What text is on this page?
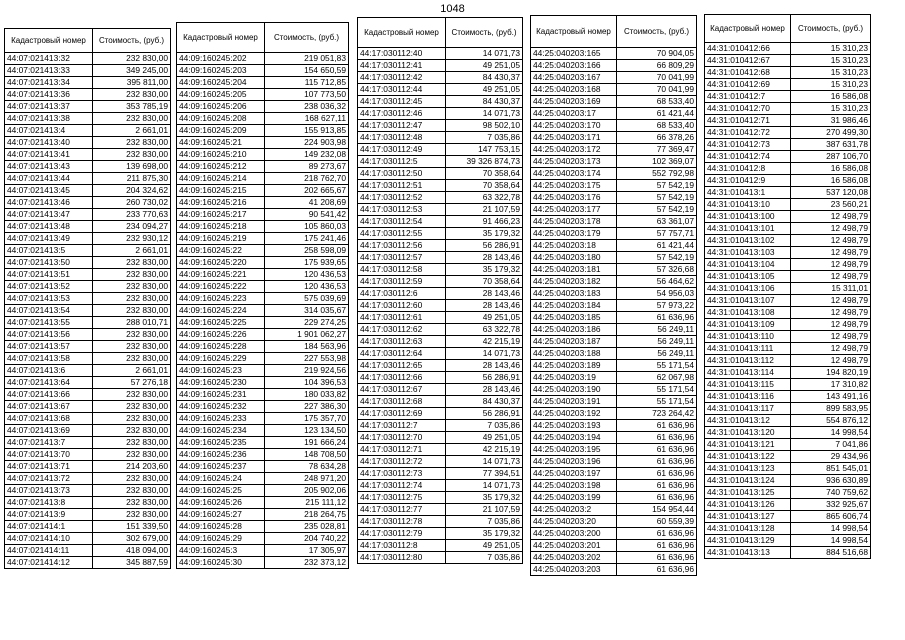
1048
Кадастровый номер	Стоимость, (руб.)
44:07:021413:32	232 830,00
44:07:021413:33	349 245,00
44:07:021413:34	395 811,00
44:07:021413:36	232 830,00
44:07:021413:37	353 785,19
44:07:021413:38	232 830,00
44:07:021413:4	2 661,01
44:07:021413:40	232 830,00
44:07:021413:41	232 830,00
44:07:021413:43	139 698,00
44:07:021413:44	211 875,30
44:07:021413:45	204 324,62
44:07:021413:46	260 730,02
44:07:021413:47	233 770,63
44:07:021413:48	234 094,27
44:07:021413:49	232 930,12
44:07:021413:5	2 661,01
44:07:021413:50	232 830,00
44:07:021413:51	232 830,00
44:07:021413:52	232 830,00
44:07:021413:53	232 830,00
44:07:021413:54	232 830,00
44:07:021413:55	288 010,71
44:07:021413:56	232 830,00
44:07:021413:57	232 830,00
44:07:021413:58	232 830,00
44:07:021413:6	2 661,01
44:07:021413:64	57 276,18
44:07:021413:66	232 830,00
44:07:021413:67	232 830,00
44:07:021413:68	232 830,00
44:07:021413:69	232 830,00
44:07:021413:7	232 830,00
44:07:021413:70	232 830,00
44:07:021413:71	214 203,60
44:07:021413:72	232 830,00
44:07:021413:73	232 830,00
44:07:021413:8	232 830,00
44:07:021413:9	232 830,00
44:07:021414:1	151 339,50
44:07:021414:10	302 679,00
44:07:021414:11	418 094,00
44:07:021414:12	345 887,59
Кадастровый номер	Стоимость, (руб.)
44:09:160245:202	219 051,83
44:09:160245:203	154 650,59
44:09:160245:204	115 712,85
44:09:160245:205	107 773,50
44:09:160245:206	238 036,32
44:09:160245:208	168 627,11
44:09:160245:209	155 913,85
44:09:160245:21	224 903,98
44:09:160245:210	149 232,08
44:09:160245:212	89 273,67
44:09:160245:214	218 762,70
44:09:160245:215	202 665,67
44:09:160245:216	41 208,69
44:09:160245:217	90 541,42
44:09:160245:218	105 860,03
44:09:160245:219	175 241,46
44:09:160245:22	258 598,09
44:09:160245:220	175 939,65
44:09:160245:221	120 436,53
44:09:160245:222	120 436,53
44:09:160245:223	575 039,69
44:09:160245:224	314 035,67
44:09:160245:225	229 274,25
44:09:160245:226	1 901 062,27
44:09:160245:228	184 563,96
44:09:160245:229	227 553,98
44:09:160245:23	219 924,56
44:09:160245:230	104 396,53
44:09:160245:231	180 033,82
44:09:160245:232	227 386,30
44:09:160245:233	175 357,70
44:09:160245:234	123 134,50
44:09:160245:235	191 666,24
44:09:160245:236	148 708,50
44:09:160245:237	78 634,28
44:09:160245:24	248 971,20
44:09:160245:25	205 902,06
44:09:160245:26	215 111,12
44:09:160245:27	218 264,75
44:09:160245:28	235 028,81
44:09:160245:29	204 740,22
44:09:160245:3	17 305,97
44:09:160245:30	232 373,12
Кадастровый номер	Стоимость, (руб.)
44:17:030112:40	14 071,73
44:17:030112:41	49 251,05
44:17:030112:42	84 430,37
44:17:030112:44	49 251,05
44:17:030112:45	84 430,37
44:17:030112:46	14 071,73
44:17:030112:47	98 502,10
44:17:030112:48	7 035,86
44:17:030112:49	147 753,15
44:17:030112:5	39 326 874,73
44:17:030112:50	70 358,64
44:17:030112:51	70 358,64
44:17:030112:52	63 322,78
44:17:030112:53	21 107,59
44:17:030112:54	91 466,23
44:17:030112:55	35 179,32
44:17:030112:56	56 286,91
44:17:030112:57	28 143,46
44:17:030112:58	35 179,32
44:17:030112:59	70 358,64
44:17:030112:6	28 143,46
44:17:030112:60	28 143,46
44:17:030112:61	49 251,05
44:17:030112:62	63 322,78
44:17:030112:63	42 215,19
44:17:030112:64	14 071,73
44:17:030112:65	28 143,46
44:17:030112:66	56 286,91
44:17:030112:67	28 143,46
44:17:030112:68	84 430,37
44:17:030112:69	56 286,91
44:17:030112:7	7 035,86
44:17:030112:70	49 251,05
44:17:030112:71	42 215,19
44:17:030112:72	14 071,73
44:17:030112:73	77 394,51
44:17:030112:74	14 071,73
44:17:030112:75	35 179,32
44:17:030112:77	21 107,59
44:17:030112:78	7 035,86
44:17:030112:79	35 179,32
44:17:030112:8	49 251,05
44:17:030112:80	7 035,86
Кадастровый номер	Стоимость, (руб.)
44:25:040203:165	70 904,05
44:25:040203:166	66 809,29
44:25:040203:167	70 041,99
44:25:040203:168	70 041,99
44:25:040203:169	68 533,40
44:25:040203:17	61 421,44
44:25:040203:170	68 533,40
44:25:040203:171	66 378,26
44:25:040203:172	77 369,47
44:25:040203:173	102 369,07
44:25:040203:174	552 792,98
44:25:040203:175	57 542,19
44:25:040203:176	57 542,19
44:25:040203:177	57 542,19
44:25:040203:178	63 361,07
44:25:040203:179	57 757,71
44:25:040203:18	61 421,44
44:25:040203:180	57 542,19
44:25:040203:181	57 326,68
44:25:040203:182	56 464,62
44:25:040203:183	54 956,03
44:25:040203:184	57 973,22
44:25:040203:185	61 636,96
44:25:040203:186	56 249,11
44:25:040203:187	56 249,11
44:25:040203:188	56 249,11
44:25:040203:189	55 171,54
44:25:040203:19	62 067,98
44:25:040203:190	55 171,54
44:25:040203:191	55 171,54
44:25:040203:192	723 264,42
44:25:040203:193	61 636,96
44:25:040203:194	61 636,96
44:25:040203:195	61 636,96
44:25:040203:196	61 636,96
44:25:040203:197	61 636,96
44:25:040203:198	61 636,96
44:25:040203:199	61 636,96
44:25:040203:2	154 954,44
44:25:040203:20	60 559,39
44:25:040203:200	61 636,96
44:25:040203:201	61 636,96
44:25:040203:202	61 636,96
44:25:040203:203	61 636,96
Кадастровый номер	Стоимость, (руб.)
44:31:010412:66	15 310,23
44:31:010412:67	15 310,23
44:31:010412:68	15 310,23
44:31:010412:69	15 310,23
44:31:010412:7	16 586,08
44:31:010412:70	15 310,23
44:31:010412:71	31 986,46
44:31:010412:72	270 499,30
44:31:010412:73	387 631,78
44:31:010412:74	287 106,70
44:31:010412:8	16 586,08
44:31:010412:9	16 586,08
44:31:010413:1	537 120,08
44:31:010413:10	23 560,21
44:31:010413:100	12 498,79
44:31:010413:101	12 498,79
44:31:010413:102	12 498,79
44:31:010413:103	12 498,79
44:31:010413:104	12 498,79
44:31:010413:105	12 498,79
44:31:010413:106	15 311,01
44:31:010413:107	12 498,79
44:31:010413:108	12 498,79
44:31:010413:109	12 498,79
44:31:010413:110	12 498,79
44:31:010413:111	12 498,79
44:31:010413:112	12 498,79
44:31:010413:114	194 820,19
44:31:010413:115	17 310,82
44:31:010413:116	143 491,16
44:31:010413:117	899 583,95
44:31:010413:12	554 876,12
44:31:010413:120	14 998,54
44:31:010413:121	7 041,86
44:31:010413:122	29 434,96
44:31:010413:123	851 545,01
44:31:010413:124	936 630,89
44:31:010413:125	740 759,62
44:31:010413:126	332 925,67
44:31:010413:127	865 606,74
44:31:010413:128	14 998,54
44:31:010413:129	14 998,54
44:31:010413:13	884 516,68
